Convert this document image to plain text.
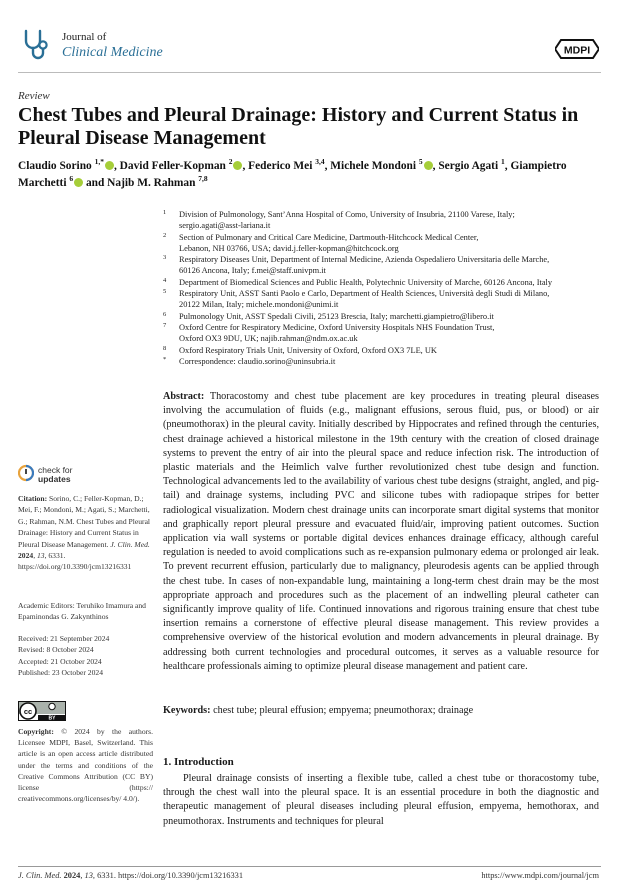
Journal of
Clinical Medicine	MDPI
Review
Chest Tubes and Pleural Drainage: History and Current Status in Pleural Disease Management
Claudio Sorino $^{1,*}$ , David Feller-Kopman $^2$ , Federico Mei $^{3,4}$, Michele Mondoni $^5$ , Sergio Agati $^1$, Giampietro Marchetti $^6$ and Najib M. Rahman $^{7,8}$
1 Division of Pulmonology, Sant’Anna Hospital of Como, University of Insubria, 21100 Varese, Italy;
sergio.agati@asst-lariana.it
2 Section of Pulmonary and Critical Care Medicine, Dartmouth-Hitchcock Medical Center,
Lebanon, NH 03766, USA; david.j.feller-kopman@hitchcock.org
3 Respiratory Diseases Unit, Department of Internal Medicine, Azienda Ospedaliero Universitaria delle Marche,
60126 Ancona, Italy; f.mei@staff.univpm.it
4 Department of Biomedical Sciences and Public Health, Polytechnic University of Marche, 60126 Ancona, Italy
5 Respiratory Unit, ASST Santi Paolo e Carlo, Department of Health Sciences, Università degli Studi di Milano,
20122 Milan, Italy; michele.mondoni@unimi.it
6 Pulmonology Unit, ASST Spedali Civili, 25123 Brescia, Italy; marchetti.giampietro@libero.it
7 Oxford Centre for Respiratory Medicine, Oxford University Hospitals NHS Foundation Trust,
Oxford OX3 9DU, UK; najib.rahman@ndm.ox.ac.uk
8 Oxford Respiratory Trials Unit, University of Oxford, Oxford OX3 7LE, UK
* Correspondence: claudio.sorino@uninsubria.it
Abstract: Thoracostomy and chest tube placement are key procedures in treating pleural diseases involving the accumulation of fluids (e.g., malignant effusions, serous fluid, pus, or blood) or air (pneumothorax) in the pleural cavity. Initially described by Hippocrates and refined through the centuries, chest drainage achieved a historical milestone in the 19th century with the creation of closed drainage systems to prevent the entry of air into the pleural space and reduce infection risk. The introduction of plastic materials and the Heimlich valve further revolutionized chest tube design and function. Technological advancements led to the availability of various chest tube designs (straight, angled, and pig-tail) and drainage systems, including PVC and silicone tubes with radiopaque stripes for better radiological visualization. Modern chest drainage units can incorporate smart digital systems that monitor and graphically report pleural pressure and evacuated fluid/air, improving patient outcomes. Suction application via wall systems or portable digital devices enhances drainage efficacy, although careful regulation is needed to avoid complications such as re-expansion pulmonary edema or prolonged air leak. To prevent recurrent effusion, particularly due to malignancy, pleurodesis agents can be applied through the chest tube. In cases of non-expandable lung, maintaining a long-term chest drain may be the most appropriate approach and procedures such as the placement of an indwelling pleural catheter can significantly improve quality of life. Continued innovations and rigorous training ensure that chest tube insertion remains a cornerstone of effective pleural disease management. This review provides a comprehensive overview of the historical evolution and modern advancements in pleural drainage. By addressing both current technologies and procedural outcomes, it serves as a valuable resource for healthcare professionals aiming to optimize pleural disease management and patient care.
Keywords: chest tube; pleural effusion; empyema; pneumothorax; drainage
check for
updates
Citation: Sorino, C.; Feller-Kopman, D.; Mei, F.; Mondoni, M.; Agati, S.; Marchetti, G.; Rahman, N.M. Chest Tubes and Pleural Drainage: History and Current Status in Pleural Disease Management. J. Clin. Med. 2024, 13, 6331. https://doi.org/10.3390/jcm13216331
Academic Editors: Teruhiko Imamura and Epaminondas G. Zakynthinos
Received: 21 September 2024
Revised: 8 October 2024
Accepted: 21 October 2024
Published: 23 October 2024
cc
BY
Copyright: © 2024 by the authors. Licensee MDPI, Basel, Switzerland. This article is an open access article distributed under the terms and conditions of the Creative Commons Attribution (CC BY) license (https:// creativecommons.org/licenses/by/ 4.0/).
1. Introduction
Pleural drainage consists of inserting a flexible tube, called a chest tube or thoracostomy tube, through the chest wall into the pleural space. It is an essential procedure in both the diagnostic and therapeutic management of pleural diseases including pleural effusion, empyema, hemothorax, and pneumothorax. Instruments and techniques for pleural
J. Clin. Med. 2024, 13, 6331. https://doi.org/10.3390/jcm13216331	https://www.mdpi.com/journal/jcm
